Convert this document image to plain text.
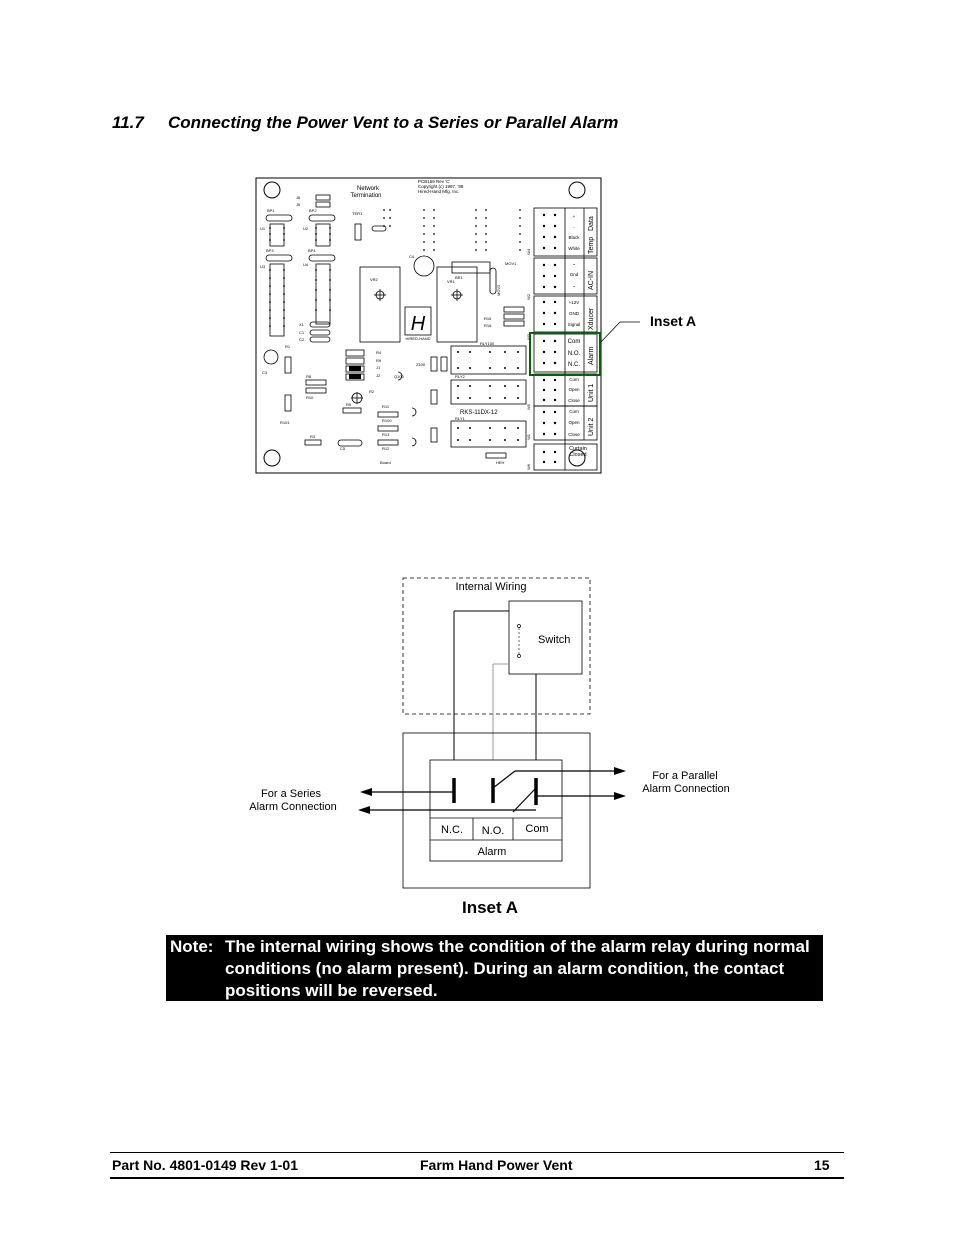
11.7 Connecting the Power Vent to a Series or Parallel Alarm
PCB159 Rev 'C'
Copyright (c) 1997, '98
Hired-Hand Mfg. Inc.
Network
Termination
H
HIRED-HAND
RKS-11DX-12
BP1	BP2
BP3	BP4
U1	U2
U3	U4
J6
J5
TER1
R1
C3
R8
R10
R101
R5
X1
C1
C2
R4
R9
J1
J2
R2
R11
R12
R13
R3
C5
R100
Q100
Z100
VR2	VR1
BR1
C4
MOV1
MOV2
R15
R16
RLY100
RLY1
RLY2
HEH
Board
W1
W2
W3
W4
W5
W6
+
-
Black
White
~
Gnd
~
+12V
GND
Signal
Com
N.O.
N.C.
Com
Open
Close
Com
Open
Close
Data
Temp
AC-IN
Xducer
Alarm
Unit 1
Unit 2
Curtain
Closed
Inset A
Internal Wiring
Switch
N.C. N.O. Com
Alarm
For a Series
Alarm Connection
For a Parallel
Alarm Connection
Inset A
Note: The internal wiring shows the condition of the alarm relay during normal conditions (no alarm present). During an alarm condition, the contact positions will be reversed.
Part No. 4801-0149 Rev 1-01	Farm Hand Power Vent	15
